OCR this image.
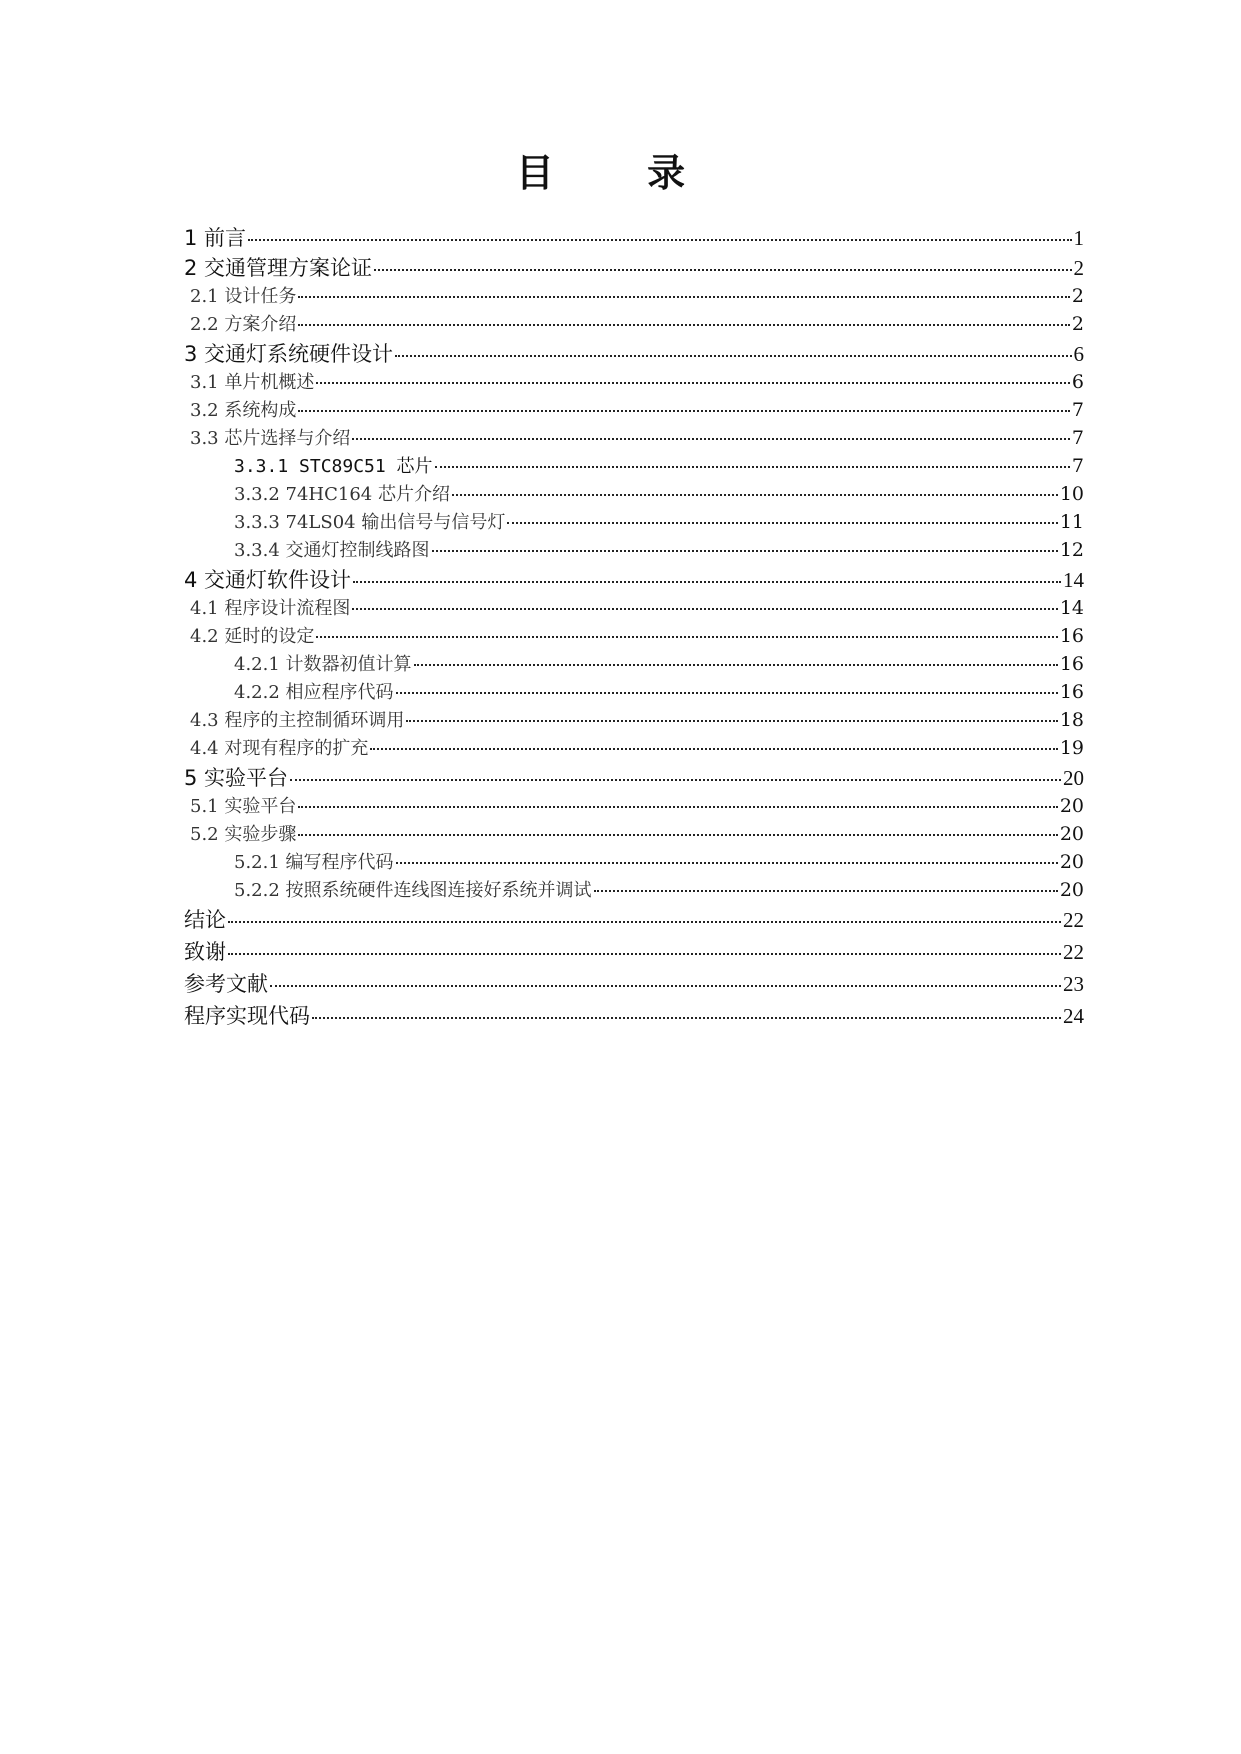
目 录
1 前言	1
2 交通管理方案论证	2
2.1 设计任务	2
2.2 方案介绍	2
3 交通灯系统硬件设计	6
3.1 单片机概述	6
3.2 系统构成	7
3.3 芯片选择与介绍	7
3.3.1 STC89C51 芯片	7
3.3.2 74HC164 芯片介绍	10
3.3.3 74LS04 输出信号与信号灯	11
3.3.4 交通灯控制线路图	12
4 交通灯软件设计	14
4.1 程序设计流程图	14
4.2 延时的设定	16
4.2.1 计数器初值计算	16
4.2.2 相应程序代码	16
4.3 程序的主控制循环调用	18
4.4 对现有程序的扩充	19
5 实验平台	20
5.1 实验平台	20
5.2 实验步骤	20
5.2.1 编写程序代码	20
5.2.2 按照系统硬件连线图连接好系统并调试	20
结论	22
致谢	22
参考文献	23
程序实现代码	24
